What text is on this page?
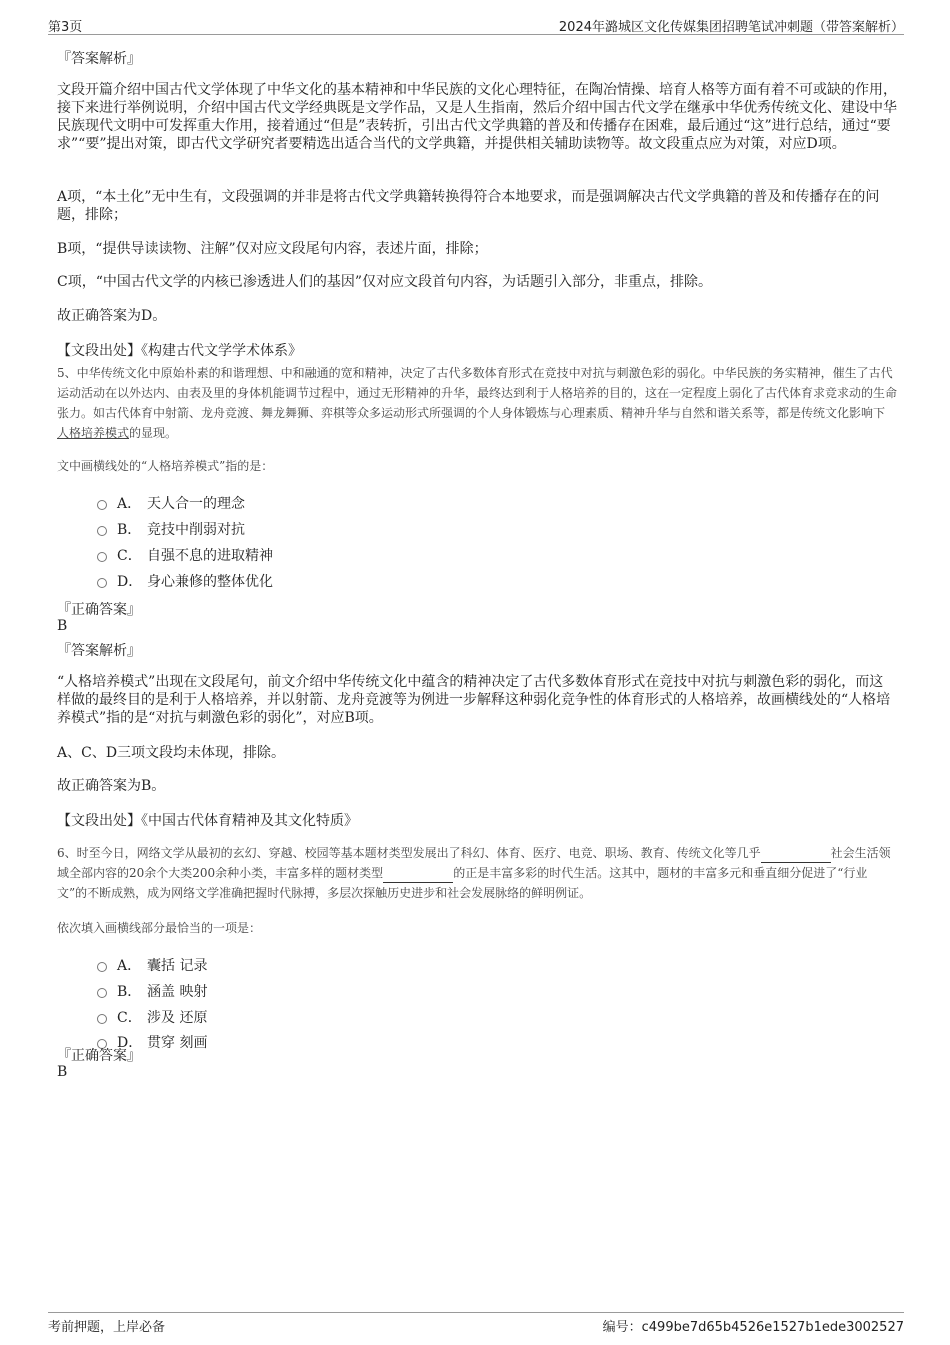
第3页	2024年潞城区文化传媒集团招聘笔试冲刺题（带答案解析）
『答案解析』
文段开篇介绍中国古代文学体现了中华文化的基本精神和中华民族的文化心理特征，在陶冶情操、培育人格等方面有着不可或缺的作用，接下来进行举例说明，介绍中国古代文学经典既是文学作品，又是人生指南，然后介绍中国古代文学在继承中华优秀传统文化、建设中华民族现代文明中可发挥重大作用，接着通过“但是”表转折，引出古代文学典籍的普及和传播存在困难，最后通过“这”进行总结，通过“要求”“要”提出对策，即古代文学研究者要精选出适合当代的文学典籍，并提供相关辅助读物等。故文段重点应为对策，对应D项。
A项，“本土化”无中生有，文段强调的并非是将古代文学典籍转换得符合本地要求，而是强调解决古代文学典籍的普及和传播存在的问题，排除；
B项，“提供导读读物、注解”仅对应文段尾句内容，表述片面，排除；
C项，“中国古代文学的内核已渗透进人们的基因”仅对应文段首句内容，为话题引入部分，非重点，排除。
故正确答案为D。
【文段出处】《构建古代文学学术体系》
5、中华传统文化中原始朴素的和谐理想、中和融通的宽和精神，决定了古代多数体育形式在竞技中对抗与刺激色彩的弱化。中华民族的务实精神，催生了古代运动活动在以外达内、由表及里的身体机能调节过程中，通过无形精神的升华，最终达到利于人格培养的目的，这在一定程度上弱化了古代体育求竞求动的生命张力。如古代体育中射箭、龙舟竞渡、舞龙舞狮、弈棋等众多运动形式所强调的个人身体锻炼与心理素质、精神升华与自然和谐关系等，都是传统文化影响下人格培养模式的显现。
文中画横线处的“人格培养模式”指的是：
A． 天人合一的理念
B． 竞技中削弱对抗
C． 自强不息的进取精神
D． 身心兼修的整体优化
『正确答案』
B
『答案解析』
“人格培养模式”出现在文段尾句，前文介绍中华传统文化中蕴含的精神决定了古代多数体育形式在竞技中对抗与刺激色彩的弱化，而这样做的最终目的是利于人格培养，并以射箭、龙舟竞渡等为例进一步解释这种弱化竞争性的体育形式的人格培养，故画横线处的“人格培养模式”指的是“对抗与刺激色彩的弱化”，对应B项。
A、C、D三项文段均未体现，排除。
故正确答案为B。
【文段出处】《中国古代体育精神及其文化特质》
6、时至今日，网络文学从最初的玄幻、穿越、校园等基本题材类型发展出了科幻、体育、医疗、电竞、职场、教育、传统文化等几乎	社会生活领域全部内容的20余个大类200余种小类，丰富多样的题材类型	的正是丰富多彩的时代生活。这其中，题材的丰富多元和垂直细分促进了“行业文”的不断成熟，成为网络文学准确把握时代脉搏，多层次探触历史进步和社会发展脉络的鲜明例证。
依次填入画横线部分最恰当的一项是：
A． 囊括 记录
B． 涵盖 映射
C． 涉及 还原
D． 贯穿 刻画
『正确答案』
B
考前押题，上岸必备	编号：c499be7d65b4526e1527b1ede3002527
